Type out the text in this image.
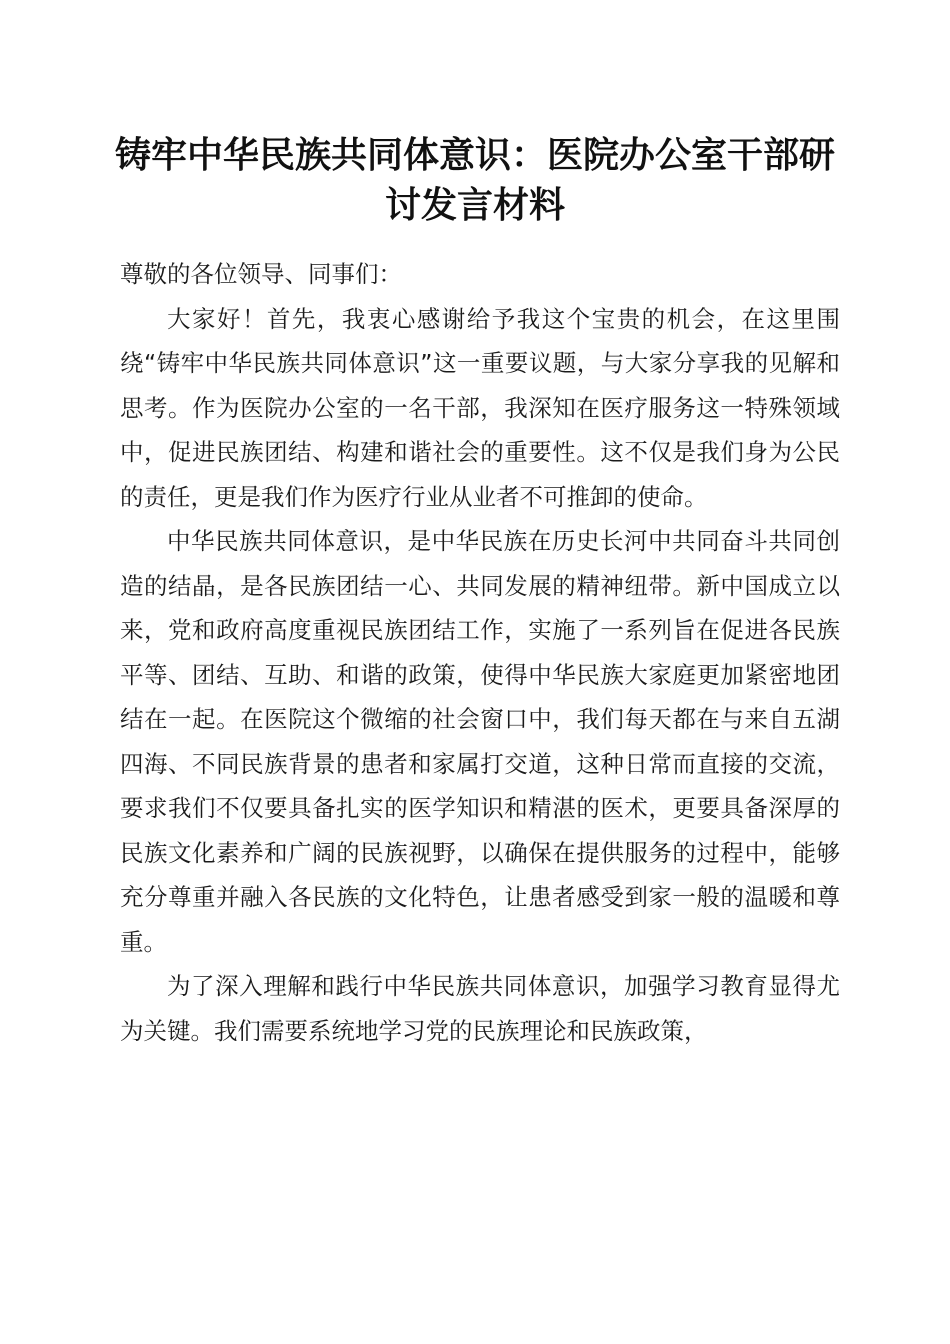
铸牢中华民族共同体意识：医院办公室干部研
讨发言材料

尊敬的各位领导、同事们：

大家好！首先，我衷心感谢给予我这个宝贵的机会，在这里围绕“铸牢中华民族共同体意识”这一重要议题，与大家分享我的见解和思考。作为医院办公室的一名干部，我深知在医疗服务这一特殊领域中，促进民族团结、构建和谐社会的重要性。这不仅是我们身为公民的责任，更是我们作为医疗行业从业者不可推卸的使命。

中华民族共同体意识，是中华民族在历史长河中共同奋斗共同创造的结晶，是各民族团结一心、共同发展的精神纽带。新中国成立以来，党和政府高度重视民族团结工作，实施了一系列旨在促进各民族平等、团结、互助、和谐的政策，使得中华民族大家庭更加紧密地团结在一起。在医院这个微缩的社会窗口中，我们每天都在与来自五湖四海、不同民族背景的患者和家属打交道，这种日常而直接的交流，要求我们不仅要具备扎实的医学知识和精湛的医术，更要具备深厚的民族文化素养和广阔的民族视野，以确保在提供服务的过程中，能够充分尊重并融入各民族的文化特色，让患者感受到家一般的温暖和尊重。

为了深入理解和践行中华民族共同体意识，加强学习教育显得尤为关键。我们需要系统地学习党的民族理论和民族政策，
